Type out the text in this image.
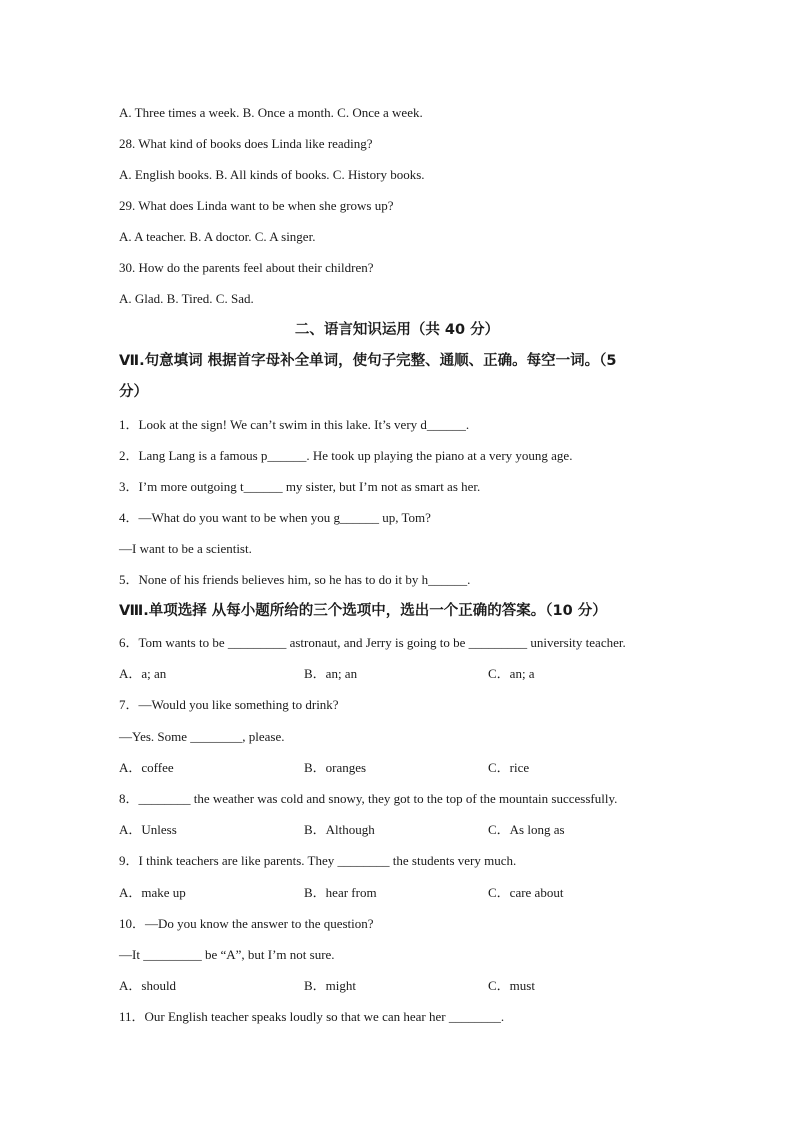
A. Three times a week. B. Once a month. C. Once a week.
28. What kind of books does Linda like reading?
A. English books. B. All kinds of books. C. History books.
29. What does Linda want to be when she grows up?
A. A teacher. B. A doctor. C. A singer.
30. How do the parents feel about their children?
A. Glad. B. Tired. C. Sad.
二、语言知识运用（共 40 分）
Ⅶ.句意填词 根据首字母补全单词，使句子完整、通顺、正确。每空一词。（5
分）
1．Look at the sign! We can’t swim in this lake. It’s very d______.
2．Lang Lang is a famous p______. He took up playing the piano at a very young age.
3．I’m more outgoing t______ my sister, but I’m not as smart as her.
4．—What do you want to be when you g______ up, Tom?
—I want to be a scientist.
5．None of his friends believes him, so he has to do it by h______.
Ⅷ.单项选择 从每小题所给的三个选项中，选出一个正确的答案。（10 分）
6．Tom wants to be _________ astronaut, and Jerry is going to be _________ university teacher.
A．a; an	B．an; an	C．an; a
7．—Would you like something to drink?
—Yes. Some ________, please.
A．coffee	B．oranges	C．rice
8．________ the weather was cold and snowy, they got to the top of the mountain successfully.
A．Unless	B．Although	C．As long as
9．I think teachers are like parents. They ________ the students very much.
A．make up	B．hear from	C．care about
10．—Do you know the answer to the question?
—It _________ be “A”, but I’m not sure.
A．should	B．might	C．must
11．Our English teacher speaks loudly so that we can hear her ________.
